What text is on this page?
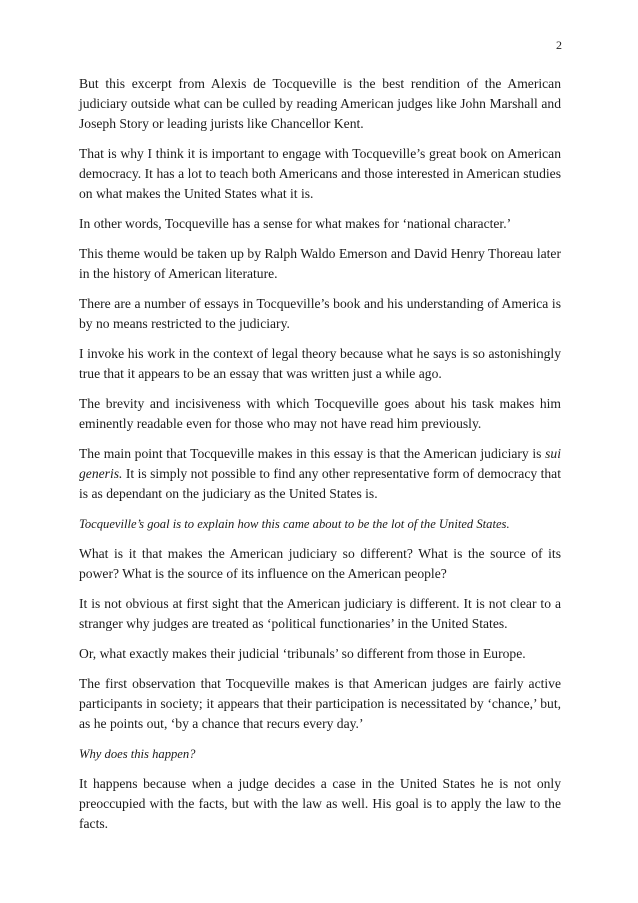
2

But this excerpt from Alexis de Tocqueville is the best rendition of the American judiciary outside what can be culled by reading American judges like John Marshall and Joseph Story or leading jurists like Chancellor Kent.

That is why I think it is important to engage with Tocqueville’s great book on American democracy. It has a lot to teach both Americans and those interested in American studies on what makes the United States what it is.

In other words, Tocqueville has a sense for what makes for ‘national character.’

This theme would be taken up by Ralph Waldo Emerson and David Henry Thoreau later in the history of American literature.

There are a number of essays in Tocqueville’s book and his understanding of America is by no means restricted to the judiciary.

I invoke his work in the context of legal theory because what he says is so astonishingly true that it appears to be an essay that was written just a while ago.

The brevity and incisiveness with which Tocqueville goes about his task makes him eminently readable even for those who may not have read him previously.

The main point that Tocqueville makes in this essay is that the American judiciary is sui generis. It is simply not possible to find any other representative form of democracy that is as dependant on the judiciary as the United States is.

Tocqueville’s goal is to explain how this came about to be the lot of the United States.

What is it that makes the American judiciary so different? What is the source of its power? What is the source of its influence on the American people?

It is not obvious at first sight that the American judiciary is different. It is not clear to a stranger why judges are treated as ‘political functionaries’ in the United States.

Or, what exactly makes their judicial ‘tribunals’ so different from those in Europe.

The first observation that Tocqueville makes is that American judges are fairly active participants in society; it appears that their participation is necessitated by ‘chance,’ but, as he points out, ‘by a chance that recurs every day.’

Why does this happen?

It happens because when a judge decides a case in the United States he is not only preoccupied with the facts, but with the law as well. His goal is to apply the law to the facts.
